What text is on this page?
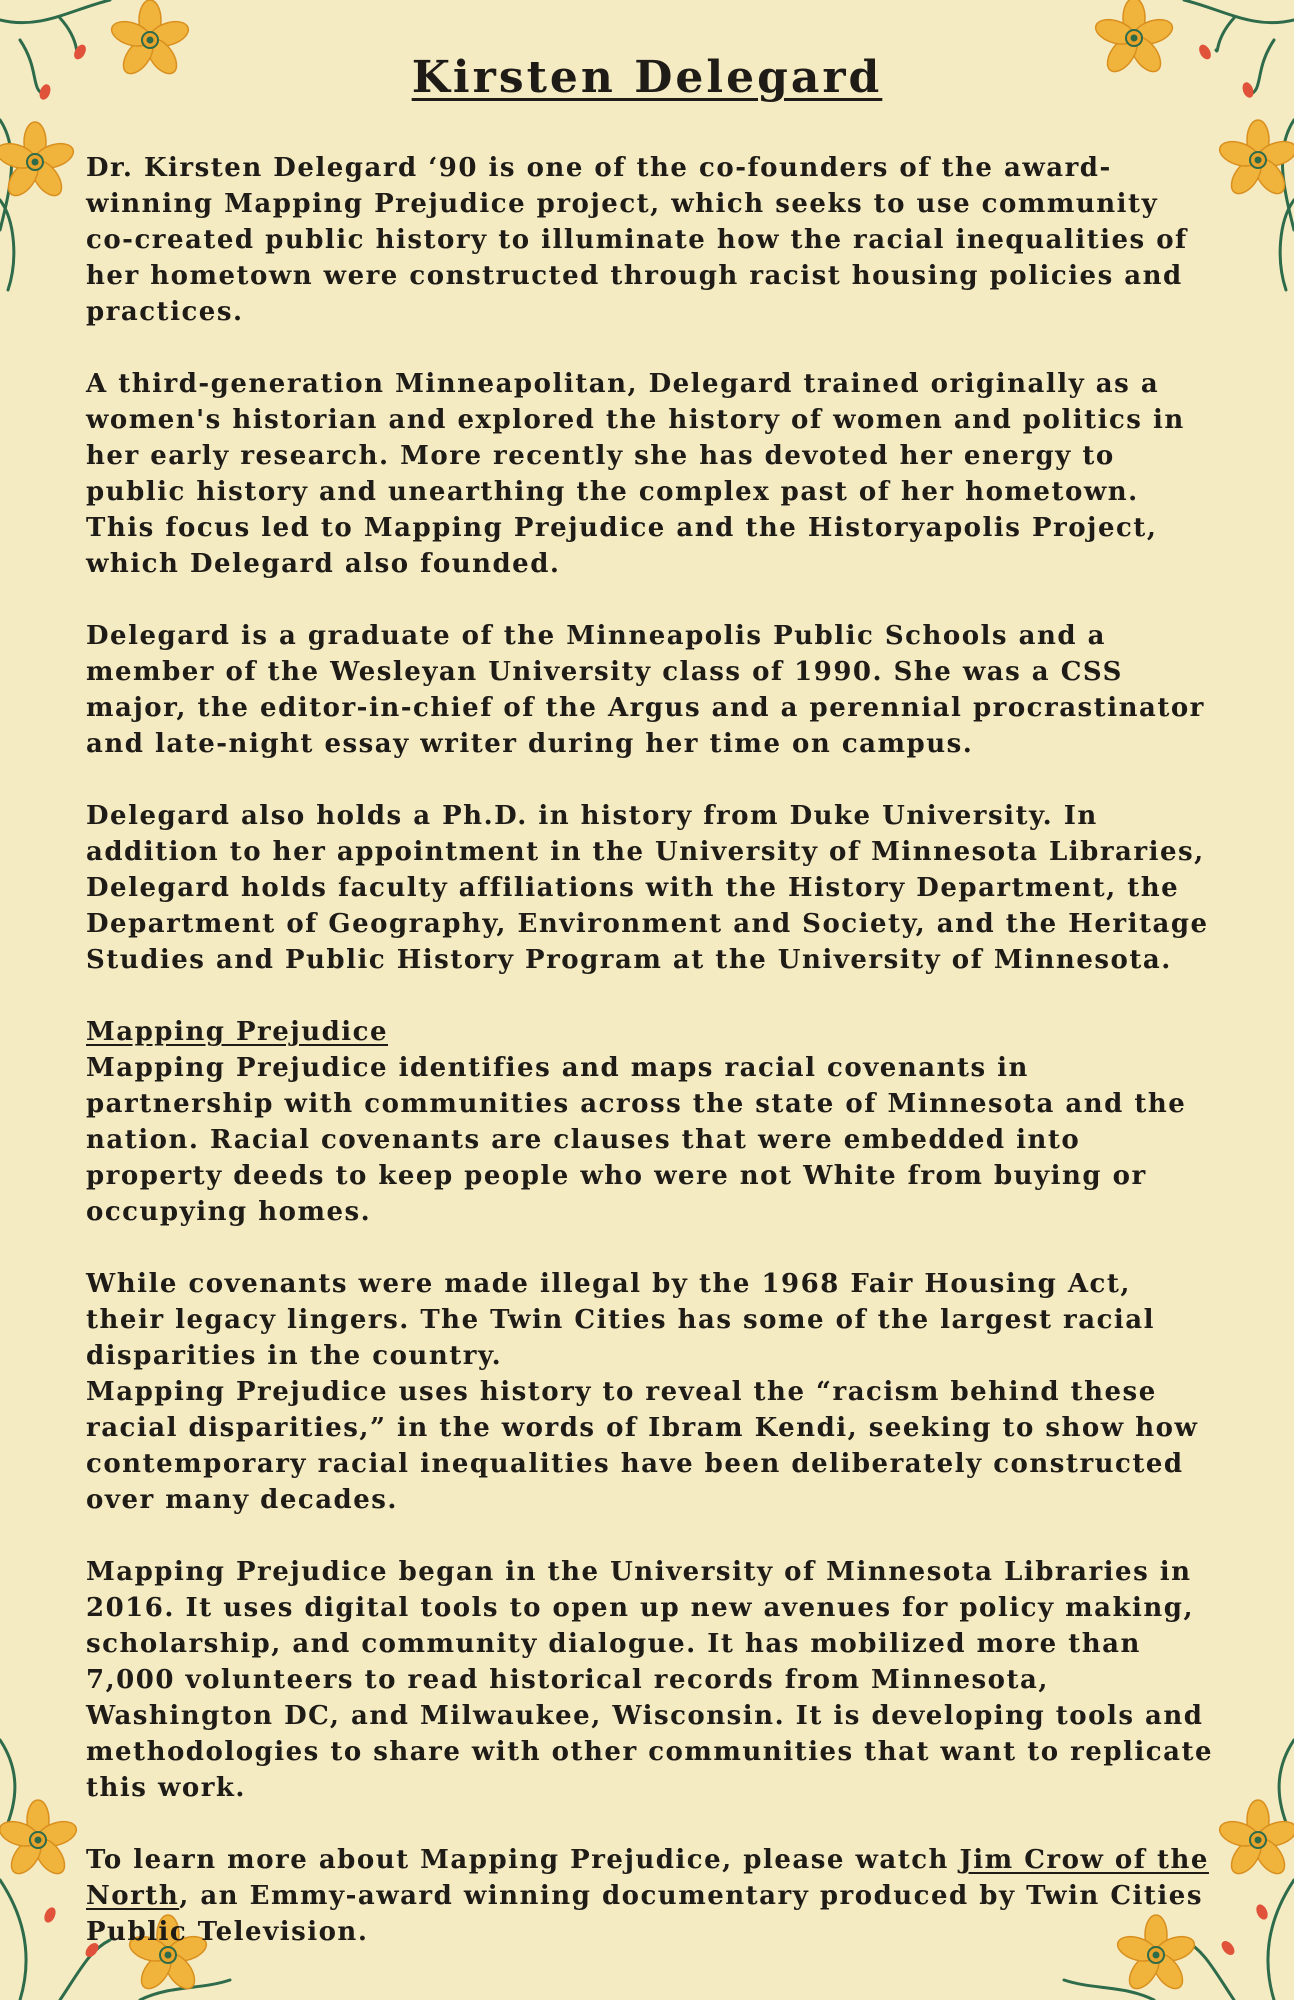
Kirsten Delegard

Dr. Kirsten Delegard ‘90 is one of the co-founders of the award-winning Mapping Prejudice project, which seeks to use community co-created public history to illuminate how the racial inequalities of her hometown were constructed through racist housing policies and practices.

A third-generation Minneapolitan, Delegard trained originally as a women's historian and explored the history of women and politics in her early research. More recently she has devoted her energy to public history and unearthing the complex past of her hometown. This focus led to Mapping Prejudice and the Historyapolis Project, which Delegard also founded.

Delegard is a graduate of the Minneapolis Public Schools and a member of the Wesleyan University class of 1990. She was a CSS major, the editor-in-chief of the Argus and a perennial procrastinator and late-night essay writer during her time on campus.

Delegard also holds a Ph.D. in history from Duke University. In addition to her appointment in the University of Minnesota Libraries, Delegard holds faculty affiliations with the History Department, the Department of Geography, Environment and Society, and the Heritage Studies and Public History Program at the University of Minnesota.

Mapping Prejudice

Mapping Prejudice identifies and maps racial covenants in partnership with communities across the state of Minnesota and the nation. Racial covenants are clauses that were embedded into property deeds to keep people who were not White from buying or occupying homes.

While covenants were made illegal by the 1968 Fair Housing Act, their legacy lingers. The Twin Cities has some of the largest racial disparities in the country.

Mapping Prejudice uses history to reveal the “racism behind these racial disparities,” in the words of Ibram Kendi, seeking to show how contemporary racial inequalities have been deliberately constructed over many decades.

Mapping Prejudice began in the University of Minnesota Libraries in 2016. It uses digital tools to open up new avenues for policy making, scholarship, and community dialogue. It has mobilized more than 7,000 volunteers to read historical records from Minnesota, Washington DC, and Milwaukee, Wisconsin. It is developing tools and methodologies to share with other communities that want to replicate this work.

To learn more about Mapping Prejudice, please watch Jim Crow of the North, an Emmy-award winning documentary produced by Twin Cities Public Television.
